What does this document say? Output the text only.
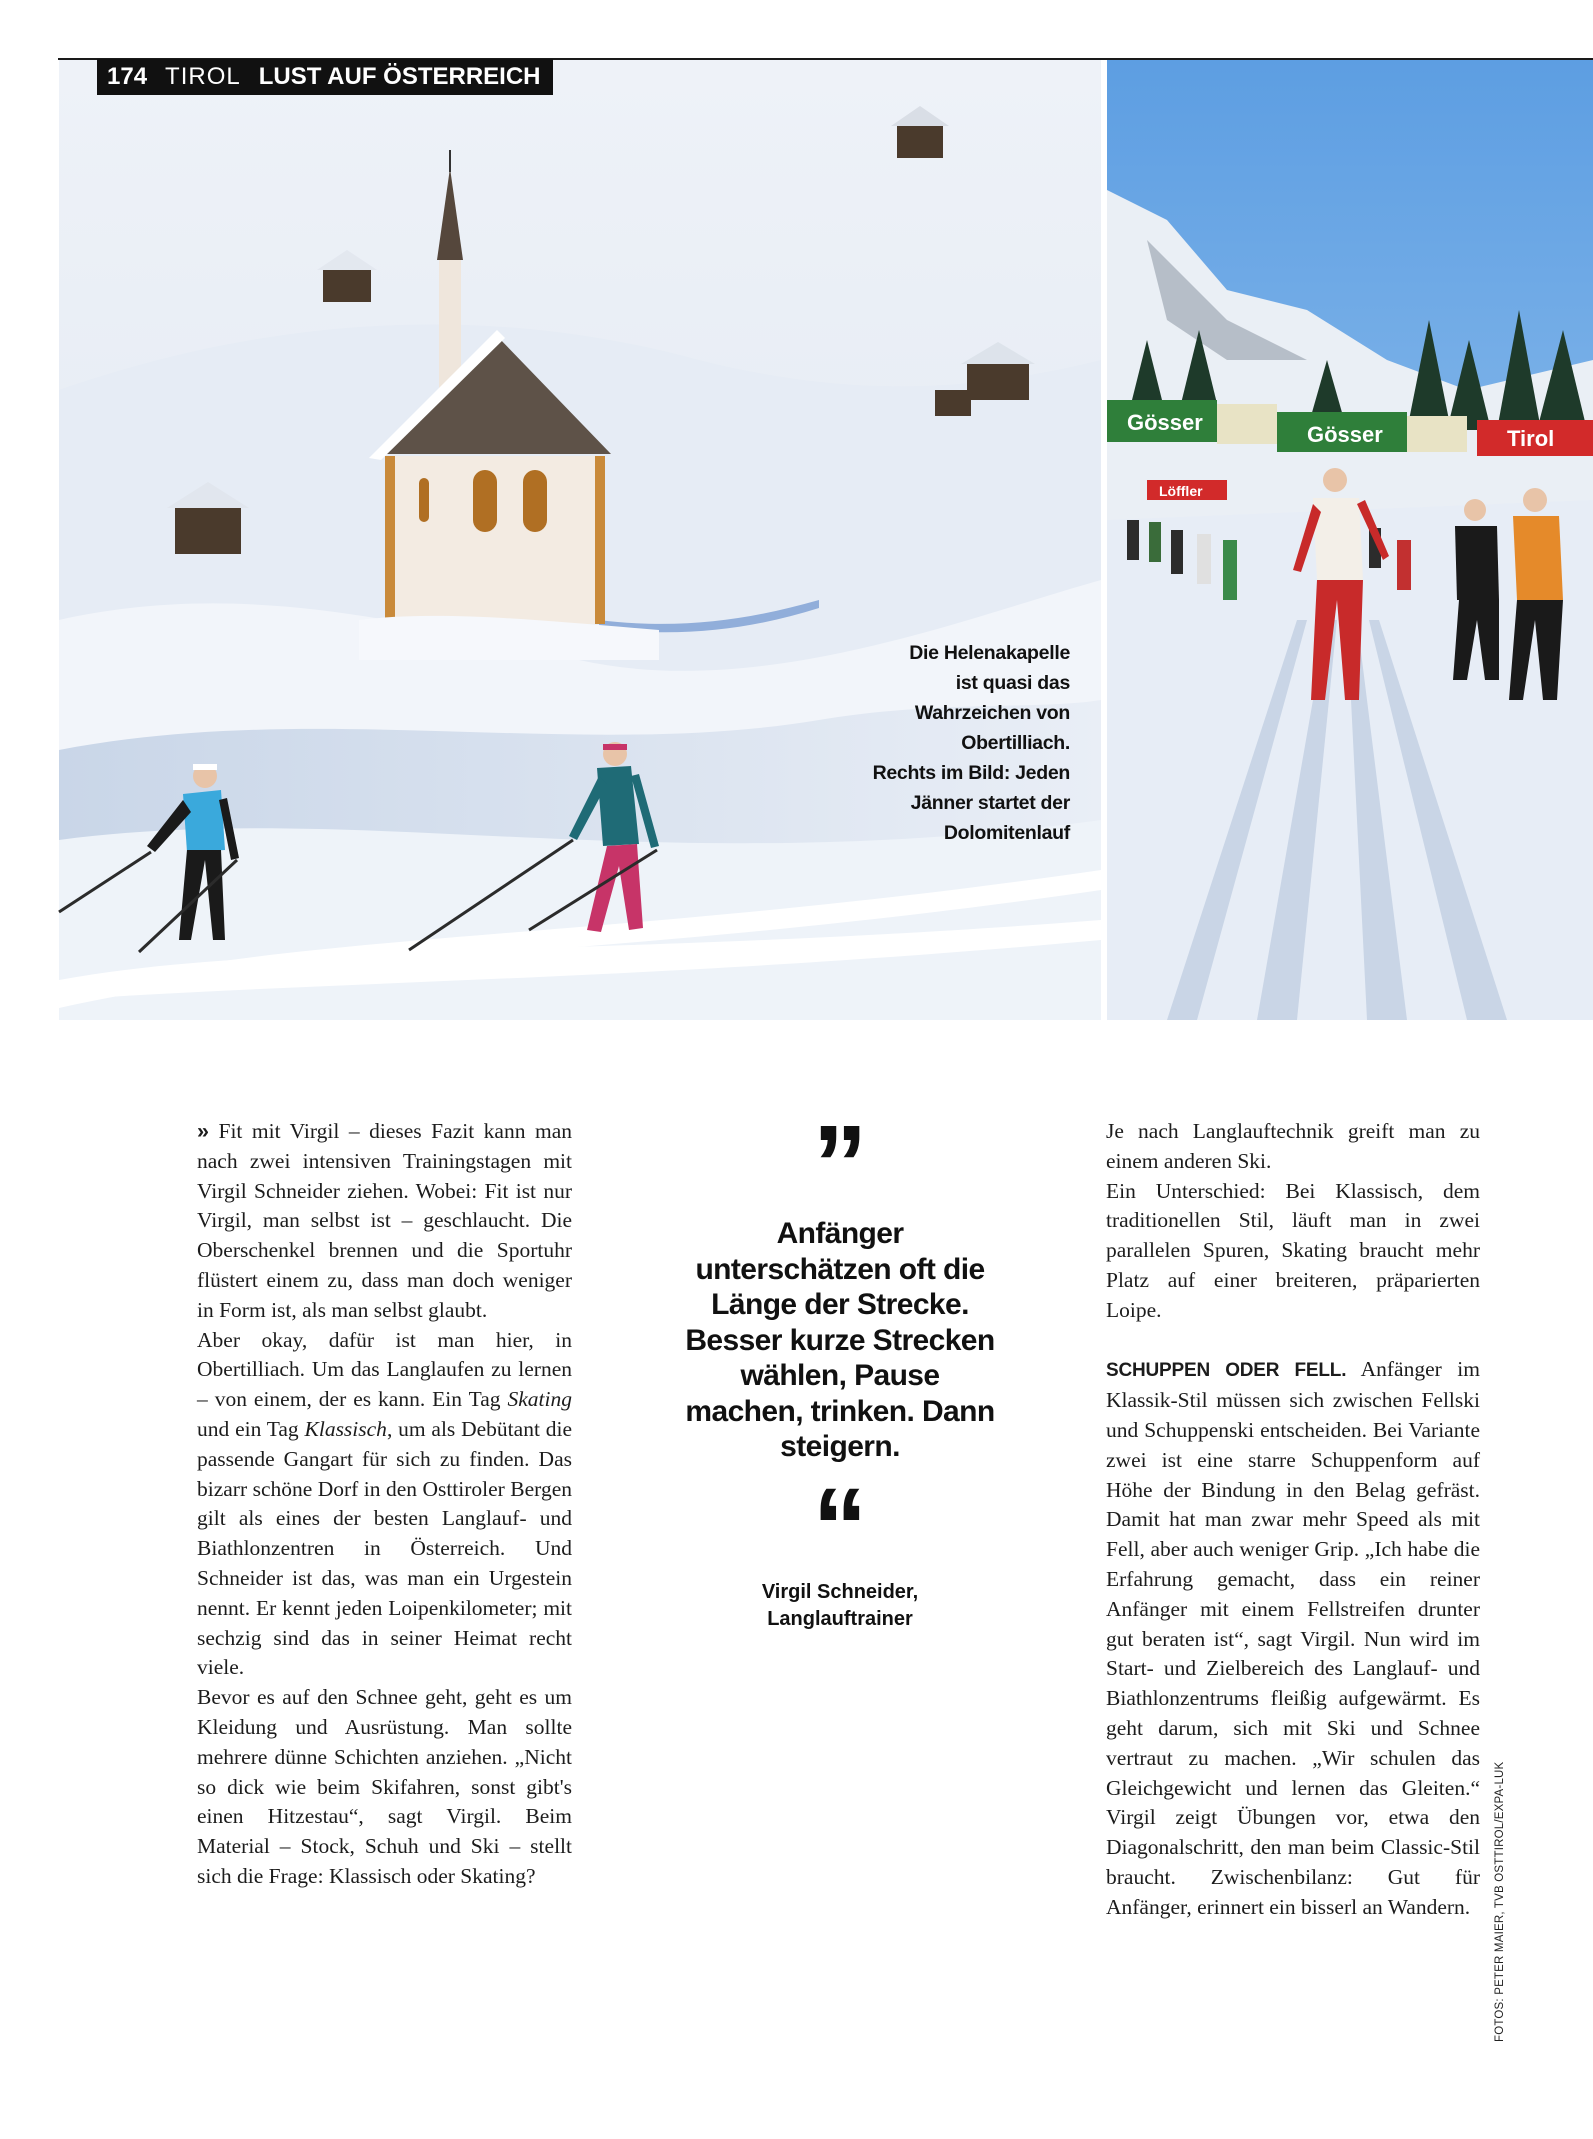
174 TIROL LUST AUF ÖSTERREICH
Gösser	Gösser	Tirol
Löffler
Die Helenakapelle
ist quasi das
Wahrzeichen von
Obertilliach.
Rechts im Bild: Jeden
Jänner startet der
Dolomitenlauf

» Fit mit Virgil – dieses Fazit kann man nach zwei intensiven Trainingstagen mit Virgil Schneider ziehen. Wobei: Fit ist nur Virgil, man selbst ist – geschlaucht. Die Oberschenkel brennen und die Sportuhr flüstert einem zu, dass man doch weniger in Form ist, als man selbst glaubt.

Aber okay, dafür ist man hier, in Obertilliach. Um das Langlaufen zu lernen – von einem, der es kann. Ein Tag Skating und ein Tag Klassisch, um als Debütant die passende Gangart für sich zu finden. Das bizarr schöne Dorf in den Osttiroler Bergen gilt als eines der besten Langlauf- und Biathlonzentren in Österreich. Und Schneider ist das, was man ein Urgestein nennt. Er kennt jeden Loipenkilometer; mit sechzig sind das in seiner Heimat recht viele.

Bevor es auf den Schnee geht, geht es um Kleidung und Ausrüstung. Man sollte mehrere dünne Schichten anziehen. „Nicht so dick wie beim Skifahren, sonst gibt's einen Hitzestau“, sagt Virgil. Beim Material – Stock, Schuh und Ski – stellt sich die Frage: Klassisch oder Skating?

”
Anfänger unterschätzen oft die Länge der Strecke. Besser kurze Strecken wählen, Pause machen, trinken. Dann steigern.
“
Virgil Schneider,
Langlauftrainer

Je nach Langlauftechnik greift man zu einem anderen Ski.

Ein Unterschied: Bei Klassisch, dem traditionellen Stil, läuft man in zwei parallelen Spuren, Skating braucht mehr Platz auf einer breiteren, präparierten Loipe.

SCHUPPEN ODER FELL. Anfänger im Klassik-Stil müssen sich zwischen Fellski und Schuppenski entscheiden. Bei Variante zwei ist eine starre Schuppenform auf Höhe der Bindung in den Belag gefräst. Damit hat man zwar mehr Speed als mit Fell, aber auch weniger Grip. „Ich habe die Erfahrung gemacht, dass ein reiner Anfänger mit einem Fellstreifen drunter gut beraten ist“, sagt Virgil. Nun wird im Start- und Zielbereich des Langlauf- und Biathlonzentrums fleißig aufgewärmt. Es geht darum, sich mit Ski und Schnee vertraut zu machen. „Wir schulen das Gleichgewicht und lernen das Gleiten.“ Virgil zeigt Übungen vor, etwa den Diagonalschritt, den man beim Classic-Stil braucht. Zwischenbilanz: Gut für Anfänger, erinnert ein bisserl an Wandern.	FOTOS: PETER MAIER, TVB OSTTIROL/EXPA-LUK
